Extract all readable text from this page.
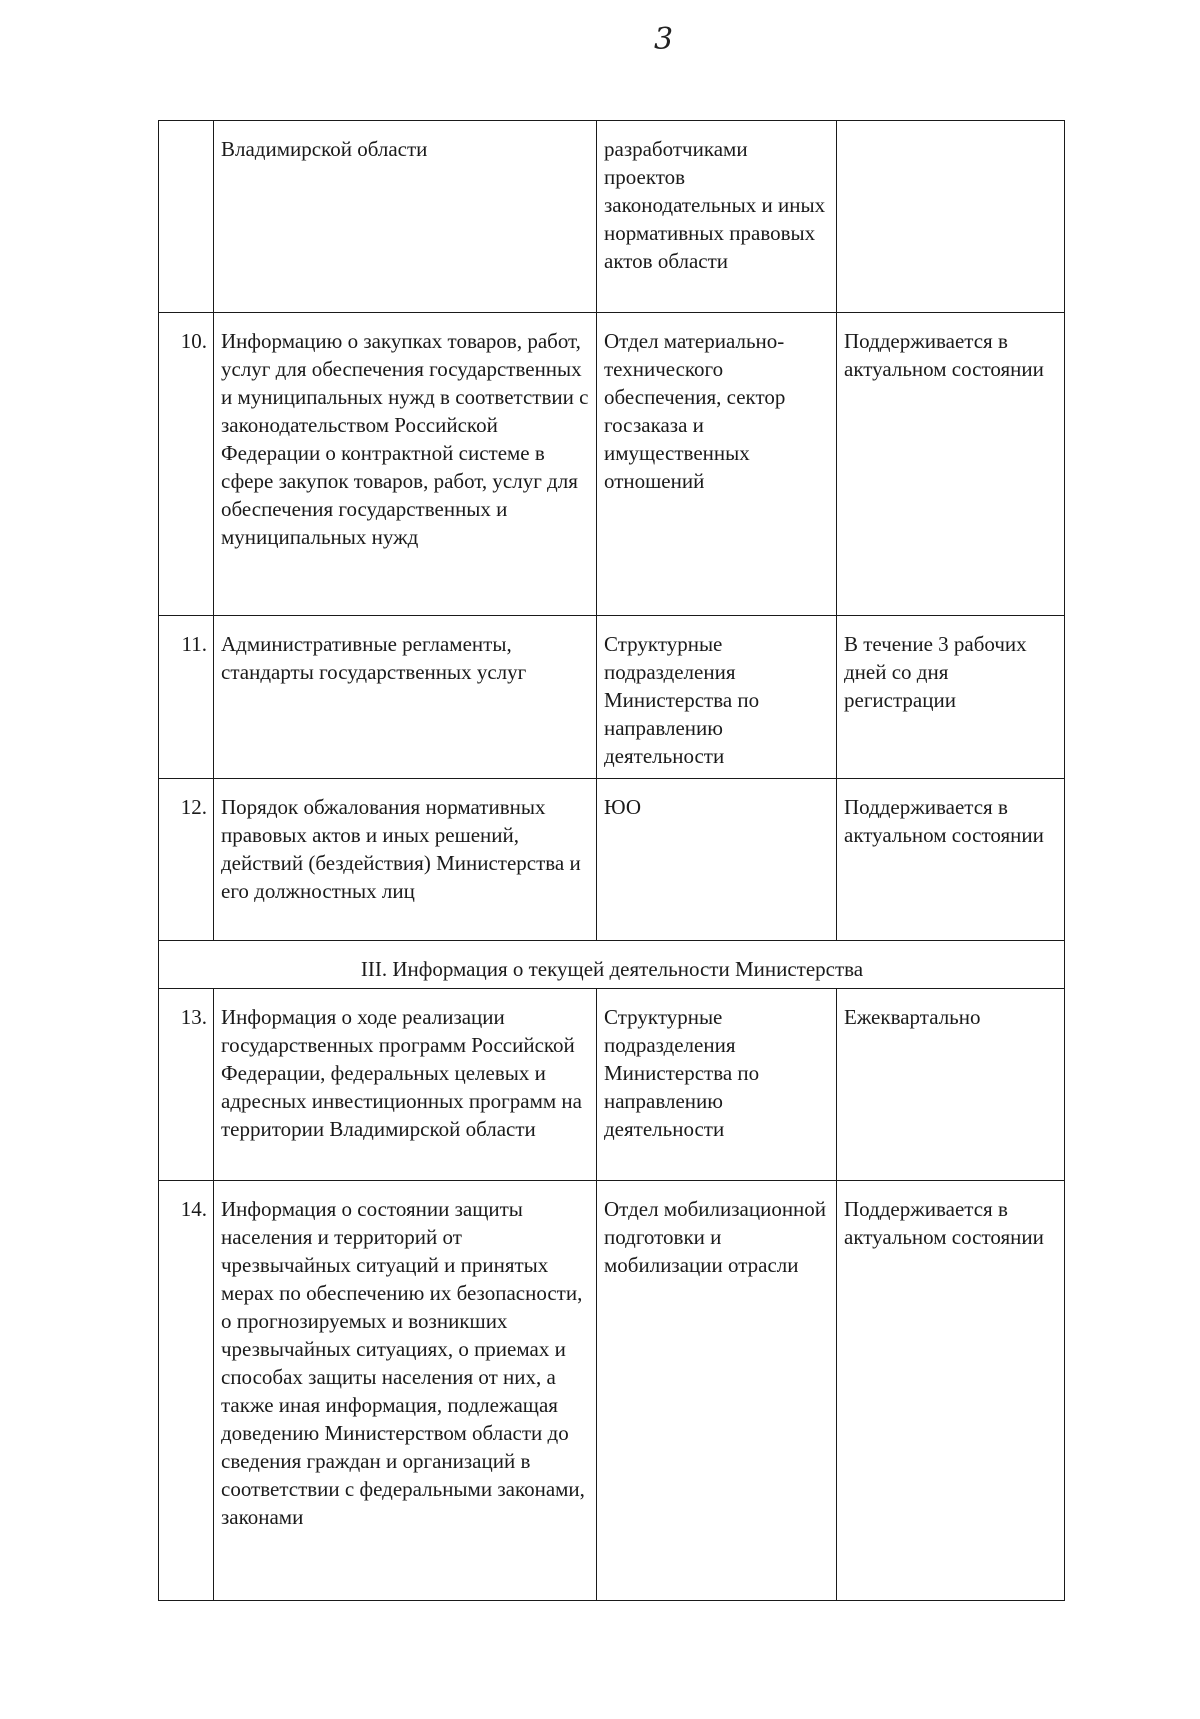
3
	Владимирской области	разработчиками проектов законодательных и иных нормативных правовых актов области	
10.	Информацию о закупках товаров, работ, услуг для обеспечения государственных и муниципальных нужд в соответствии с законодательством Российской Федерации о контрактной системе в сфере закупок товаров, работ, услуг для обеспечения государственных и муниципальных нужд	Отдел материально-технического обеспечения, сектор госзаказа и имущественных отношений	Поддерживается в актуальном состоянии
11.	Административные регламенты, стандарты государственных услуг	Структурные подразделения Министерства по направлению деятельности	В течение 3 рабочих дней со дня регистрации
12.	Порядок обжалования нормативных правовых актов и иных решений, действий (бездействия) Министерства и его должностных лиц	ЮО	Поддерживается в актуальном состоянии
III. Информация о текущей деятельности Министерства			
13.	Информация о ходе реализации государственных программ Российской Федерации, федеральных целевых и адресных инвестиционных программ на территории Владимирской области	Структурные подразделения Министерства по направлению деятельности	Ежеквартально
14.	Информация о состоянии защиты населения и территорий от чрезвычайных ситуаций и принятых мерах по обеспечению их безопасности, о прогнозируемых и возникших чрезвычайных ситуациях, о приемах и способах защиты населения от них, а также иная информация, подлежащая доведению Министерством области до сведения граждан и организаций в соответствии с федеральными законами, законами	Отдел мобилизационной подготовки и мобилизации отрасли	Поддерживается в актуальном состоянии
